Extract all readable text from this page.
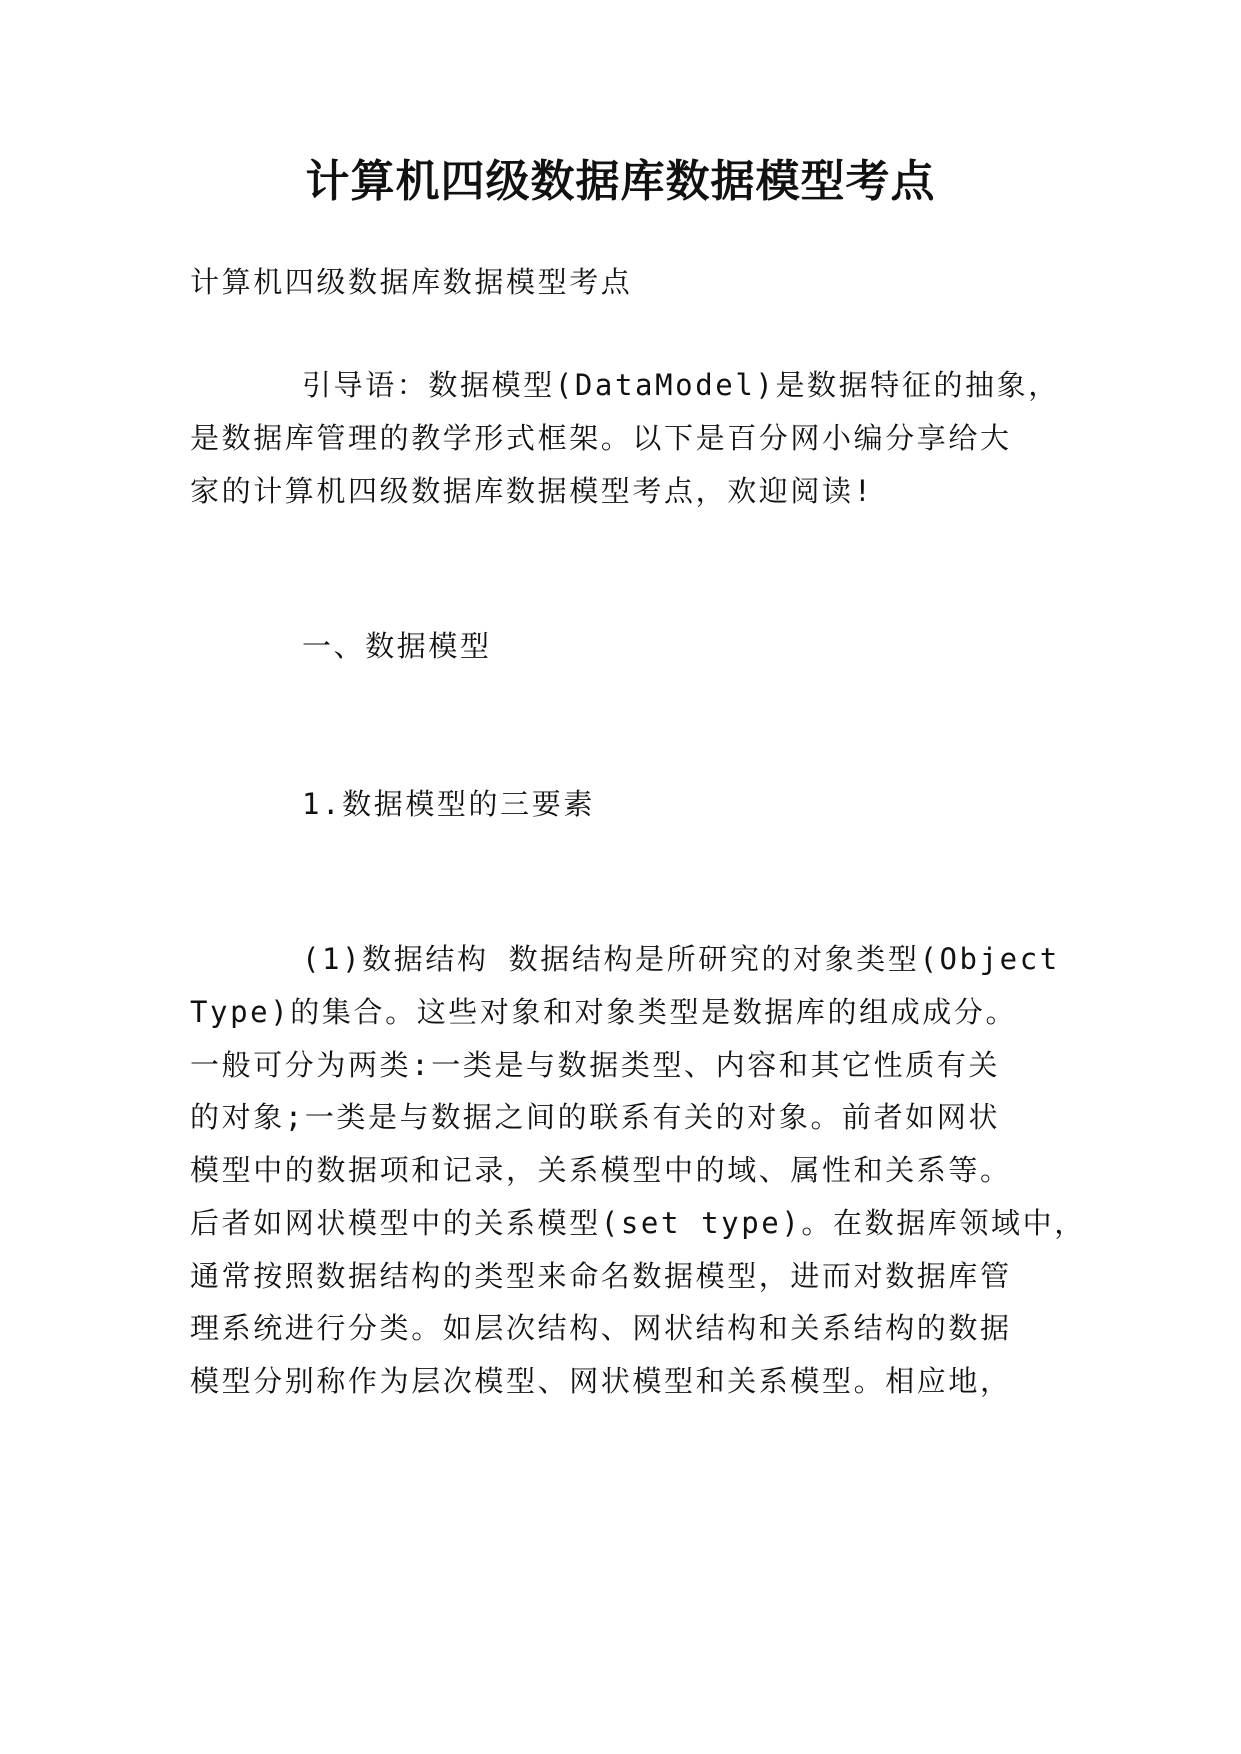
计算机四级数据库数据模型考点
计算机四级数据库数据模型考点
引导语：数据模型(DataModel)是数据特征的抽象，
是数据库管理的教学形式框架。以下是百分网小编分享给大
家的计算机四级数据库数据模型考点，欢迎阅读!
一、数据模型
1.数据模型的三要素
(1)数据结构 数据结构是所研究的对象类型(Object
Type)的集合。这些对象和对象类型是数据库的组成成分。
一般可分为两类:一类是与数据类型、内容和其它性质有关
的对象;一类是与数据之间的联系有关的对象。前者如网状
模型中的数据项和记录，关系模型中的域、属性和关系等。
后者如网状模型中的关系模型(set type)。在数据库领域中，
通常按照数据结构的类型来命名数据模型，进而对数据库管
理系统进行分类。如层次结构、网状结构和关系结构的数据
模型分别称作为层次模型、网状模型和关系模型。相应地，
